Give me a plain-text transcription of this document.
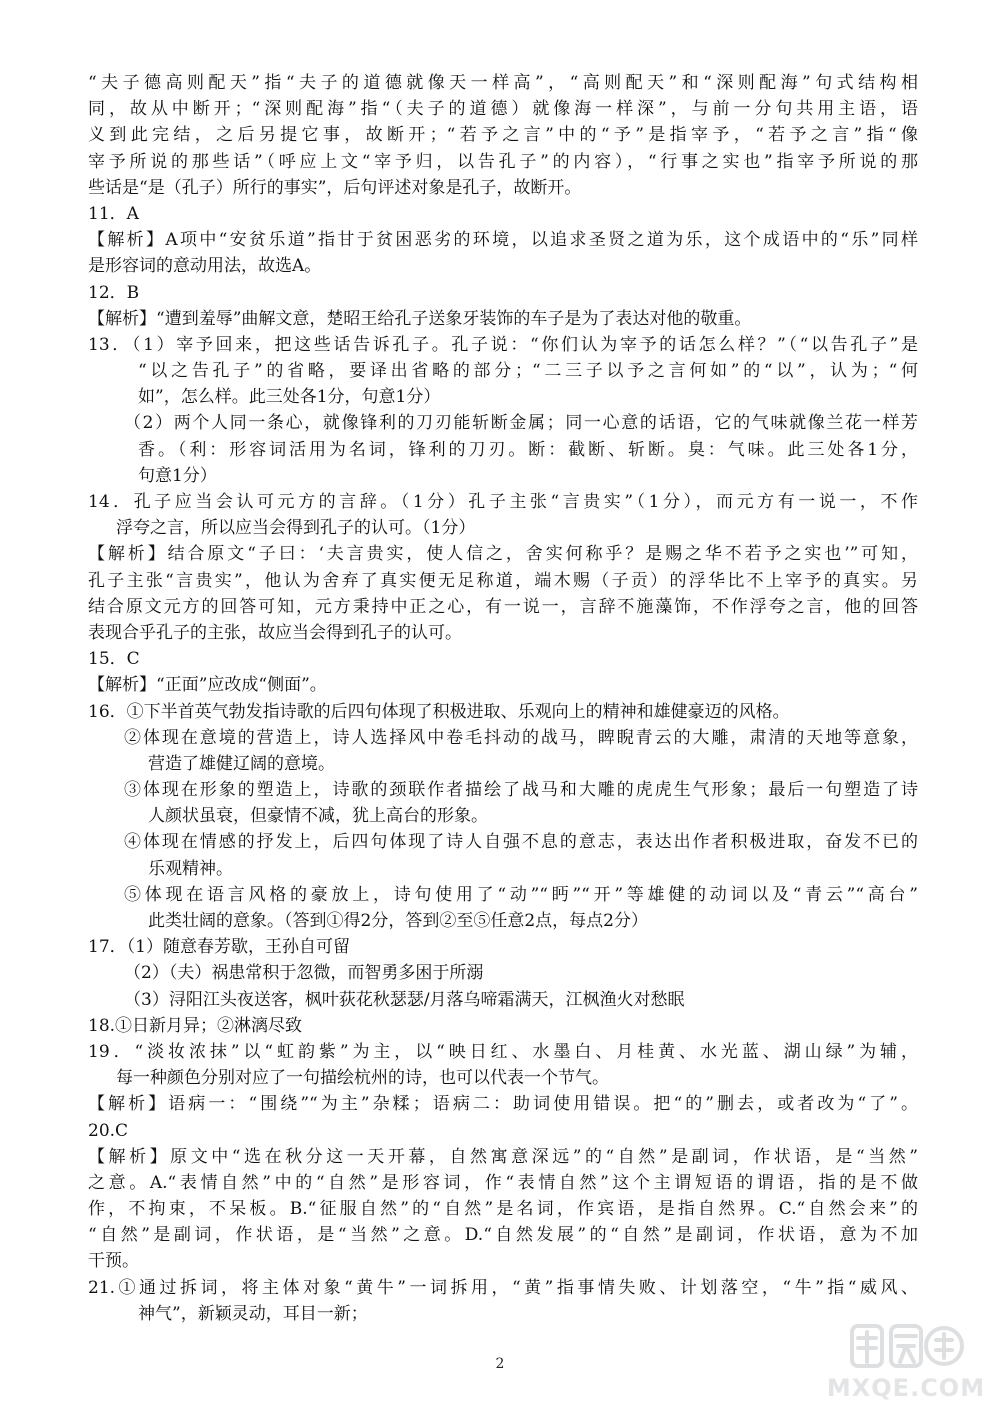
“夫子德高则配天”指“夫子的道德就像天一样高”，“高则配天”和“深则配海”句式结构相
同，故从中断开；“深则配海”指“（夫子的道德）就像海一样深”，与前一分句共用主语，语
义到此完结，之后另提它事，故断开；“若予之言”中的“予”是指宰予，“若予之言”指“像
宰予所说的那些话”（呼应上文“宰予归，以告孔子”的内容），“行事之实也”指宰予所说的那
些话是“是（孔子）所行的事实”，后句评述对象是孔子，故断开。
11．A
【解析】A项中“安贫乐道”指甘于贫困恶劣的环境，以追求圣贤之道为乐，这个成语中的“乐”同样
是形容词的意动用法，故选A。
12．B
【解析】“遭到羞辱”曲解文意，楚昭王给孔子送象牙装饰的车子是为了表达对他的敬重。
13．（1）宰予回来，把这些话告诉孔子。孔子说：“你们认为宰予的话怎么样？”（“以告孔子”是
“以之告孔子”的省略，要译出省略的部分；“二三子以予之言何如”的“以”，认为；“何
如”，怎么样。此三处各1分，句意1分）
（2）两个人同一条心，就像锋利的刀刃能斩断金属；同一心意的话语，它的气味就像兰花一样芳
香。（利：形容词活用为名词，锋利的刀刃。断：截断、斩断。臭：气味。此三处各1分，
句意1分）
14．孔子应当会认可元方的言辞。（1分）孔子主张“言贵实”（1分），而元方有一说一，不作
浮夸之言，所以应当会得到孔子的认可。（1分）
【解析】结合原文“子曰：‘夫言贵实，使人信之，舍实何称乎？是赐之华不若予之实也’”可知，
孔子主张“言贵实”，他认为舍弃了真实便无足称道，端木赐（子贡）的浮华比不上宰予的真实。另
结合原文元方的回答可知，元方秉持中正之心，有一说一，言辞不施藻饰，不作浮夸之言，他的回答
表现合乎孔子的主张，故应当会得到孔子的认可。
15．C
【解析】“正面”应改成“侧面”。
16．①下半首英气勃发指诗歌的后四句体现了积极进取、乐观向上的精神和雄健豪迈的风格。
②体现在意境的营造上，诗人选择风中卷毛抖动的战马，睥睨青云的大雕，肃清的天地等意象，
营造了雄健辽阔的意境。
③体现在形象的塑造上，诗歌的颈联作者描绘了战马和大雕的虎虎生气形象；最后一句塑造了诗
人颜状虽衰，但豪情不减，犹上高台的形象。
④体现在情感的抒发上，后四句体现了诗人自强不息的意志，表达出作者积极进取，奋发不已的
乐观精神。
⑤体现在语言风格的豪放上，诗句使用了“动”“眄”“开”等雄健的动词以及“青云”“高台”
此类壮阔的意象。（答到①得2分，答到②至⑤任意2点，每点2分）
17．（1）随意春芳歇，王孙自可留
（2）（夫）祸患常积于忽微，而智勇多困于所溺
（3）浔阳江头夜送客，枫叶荻花秋瑟瑟/月落乌啼霜满天，江枫渔火对愁眠
18.①日新月异；②淋漓尽致
19．“淡妆浓抹”以“虹韵紫”为主，以“映日红、水墨白、月桂黄、水光蓝、湖山绿”为辅，
每一种颜色分别对应了一句描绘杭州的诗，也可以代表一个节气。
【解析】语病一：“围绕”“为主”杂糅；语病二：助词使用错误。把“的”删去，或者改为“了”。
20.C
【解析】原文中“选在秋分这一天开幕，自然寓意深远”的“自然”是副词，作状语，是“当然”
之意。A.“表情自然”中的“自然”是形容词，作“表情自然”这个主谓短语的谓语，指的是不做
作，不拘束，不呆板。B.“征服自然”的“自然”是名词，作宾语，是指自然界。C.“自然会来”的
“自然”是副词，作状语，是“当然”之意。D.“自然发展”的“自然”是副词，作状语，意为不加
干预。
21.①通过拆词，将主体对象“黄牛”一词拆用，“黄”指事情失败、计划落空，“牛”指“威风、
神气”，新颖灵动，耳目一新；
2
MXQE.COM
